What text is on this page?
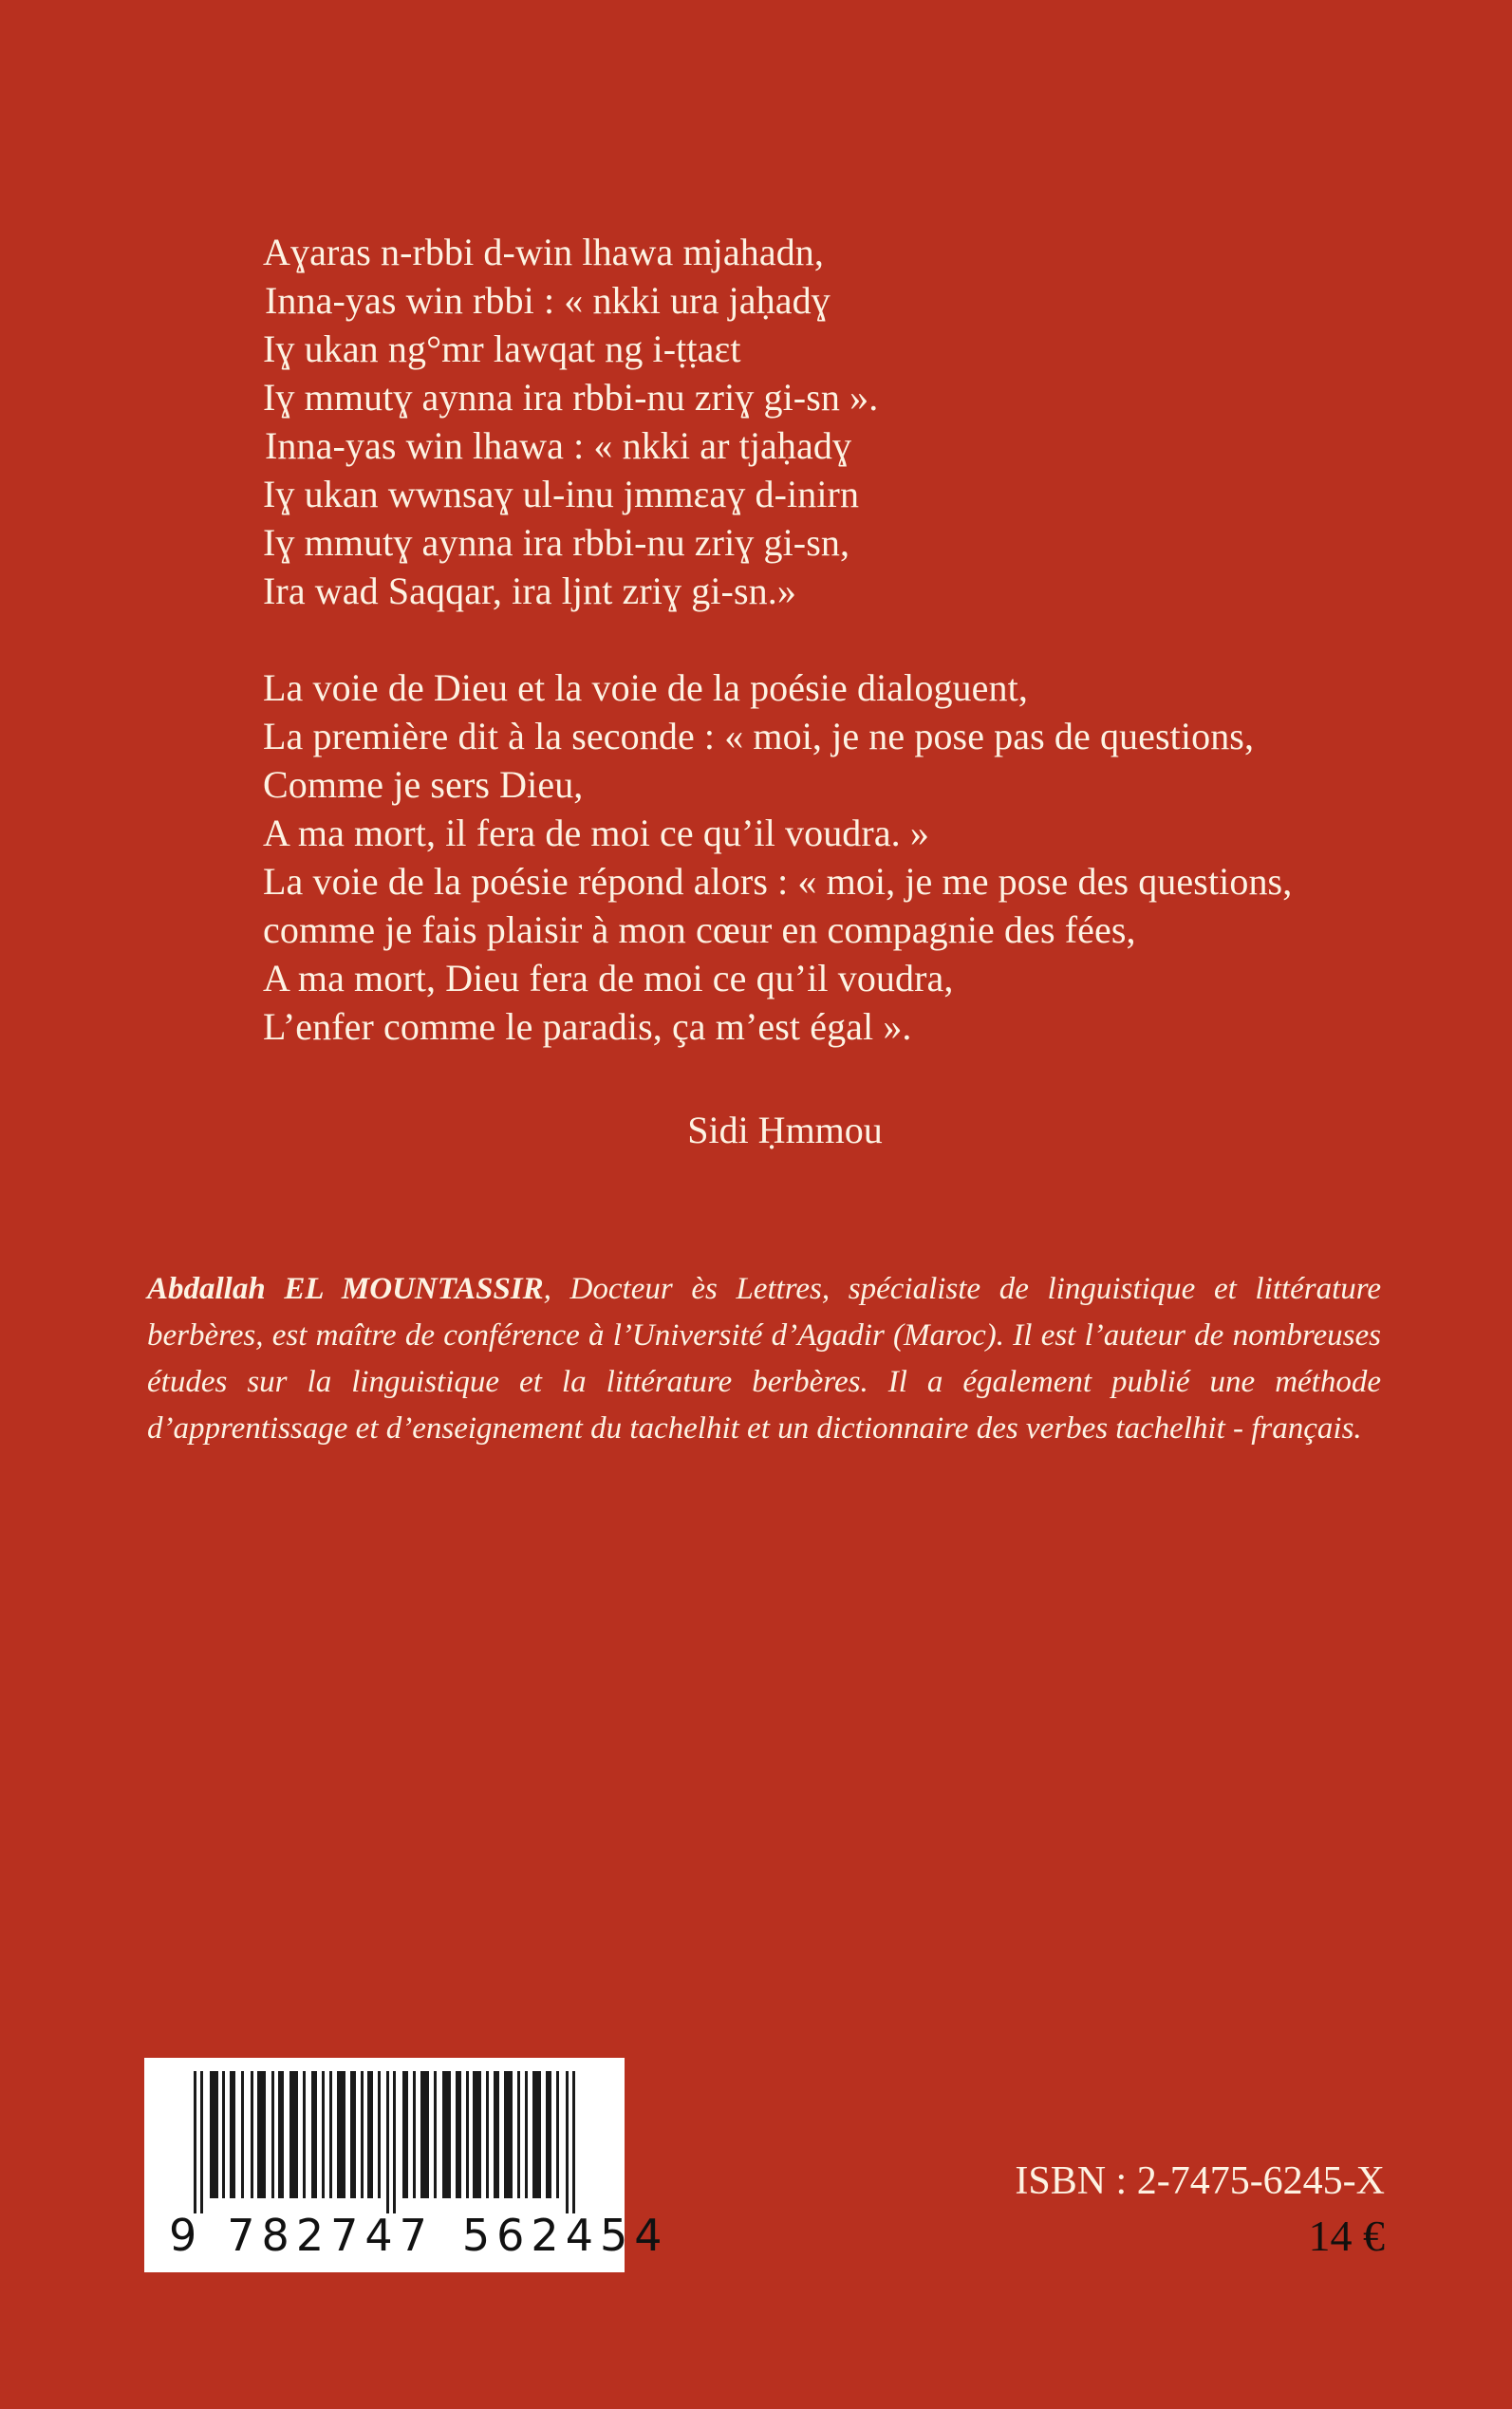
Aɣaras n-rbbi d-win lhawa mjahadn,
Inna-yas win rbbi : « nkki ura jaḥadɣ
Iɣ ukan ng°mr lawqat ng i-ṭṭaɛt
Iɣ mmutɣ aynna ira rbbi-nu zriɣ gi-sn ».
Inna-yas win lhawa : « nkki ar tjaḥadɣ
Iɣ ukan wwnsaɣ ul-inu jmmɛaɣ d-inirn
Iɣ mmutɣ aynna ira rbbi-nu zriɣ gi-sn,
Ira wad Saqqar, ira ljnt zriɣ gi-sn.»
La voie de Dieu et la voie de la poésie dialoguent,
La première dit à la seconde : « moi, je ne pose pas de questions,
Comme je sers Dieu,
A ma mort, il fera de moi ce qu’il voudra. »
La voie de la poésie répond alors : « moi, je me pose des questions,
comme je fais plaisir à mon cœur en compagnie des fées,
A ma mort, Dieu fera de moi ce qu’il voudra,
L’enfer comme le paradis, ça m’est égal ».
Sidi Ḥmmou
Abdallah EL MOUNTASSIR, Docteur ès Lettres, spécialiste de linguistique et littérature berbères, est maître de conférence à l’Université d’Agadir (Maroc). Il est l’auteur de nombreuses études sur la linguistique et la littérature berbères. Il a également publié une méthode d’apprentissage et d’enseignement du tachelhit et un dictionnaire des verbes tachelhit - français.
9 782747 562454
ISBN : 2-7475-6245-X
14 €
